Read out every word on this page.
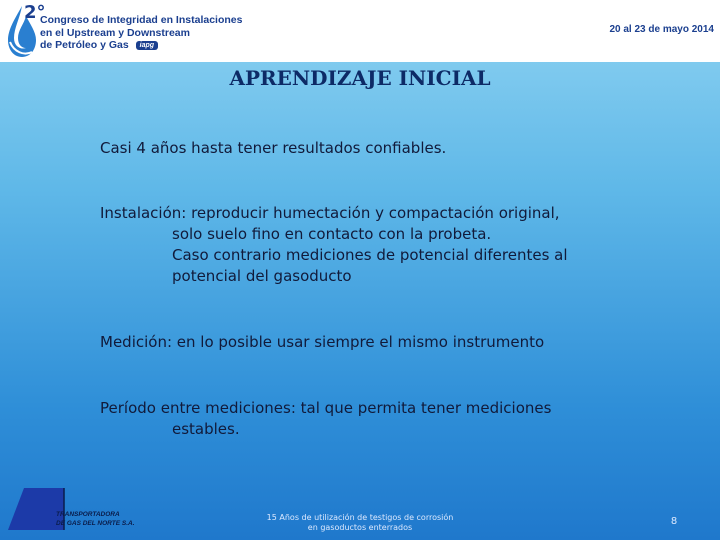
2°
Congreso de Integridad en Instalaciones
en el Upstream y Downstream
de Petróleo y Gas iapg
20 al 23 de mayo 2014
APRENDIZAJE INICIAL
Casi 4 años hasta tener resultados confiables.
Instalación: reproducir humectación y compactación original,
solo suelo fino en contacto con la probeta.
Caso contrario mediciones de potencial diferentes al
potencial del gasoducto
Medición: en lo posible usar siempre el mismo instrumento
Período entre mediciones: tal que permita tener mediciones
estables.
TRANSPORTADORA
DE GAS DEL NORTE S.A.
15 Años de utilización de testigos de corrosión
en gasoductos enterrados
8
